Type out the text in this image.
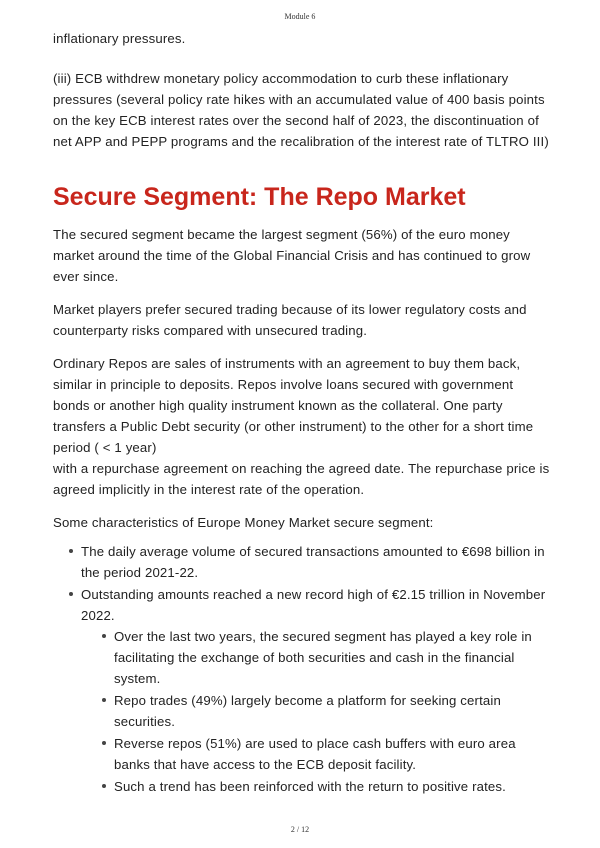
Module 6

inflationary pressures.

(iii) ECB withdrew monetary policy accommodation to curb these inflationary pressures (several policy rate hikes with an accumulated value of 400 basis points on the key ECB interest rates over the second half of 2023, the discontinuation of net APP and PEPP programs and the recalibration of the interest rate of TLTRO III)

Secure Segment: The Repo Market

The secured segment became the largest segment (56%) of the euro money market around the time of the Global Financial Crisis and has continued to grow ever since.

Market players prefer secured trading because of its lower regulatory costs and counterparty risks compared with unsecured trading.

Ordinary Repos are sales of instruments with an agreement to buy them back, similar in principle to deposits. Repos involve loans secured with government bonds or another high quality instrument known as the collateral. One party transfers a Public Debt security (or other instrument) to the other for a short time period ( < 1 year)

with a repurchase agreement on reaching the agreed date. The repurchase price is agreed implicitly in the interest rate of the operation.

Some characteristics of Europe Money Market secure segment:

The daily average volume of secured transactions amounted to €698 billion in the period 2021-22.
Outstanding amounts reached a new record high of €2.15 trillion in November 2022.
Over the last two years, the secured segment has played a key role in facilitating the exchange of both securities and cash in the financial system.
Repo trades (49%) largely become a platform for seeking certain securities.
Reverse repos (51%) are used to place cash buffers with euro area banks that have access to the ECB deposit facility.
Such a trend has been reinforced with the return to positive rates.
2 / 12
